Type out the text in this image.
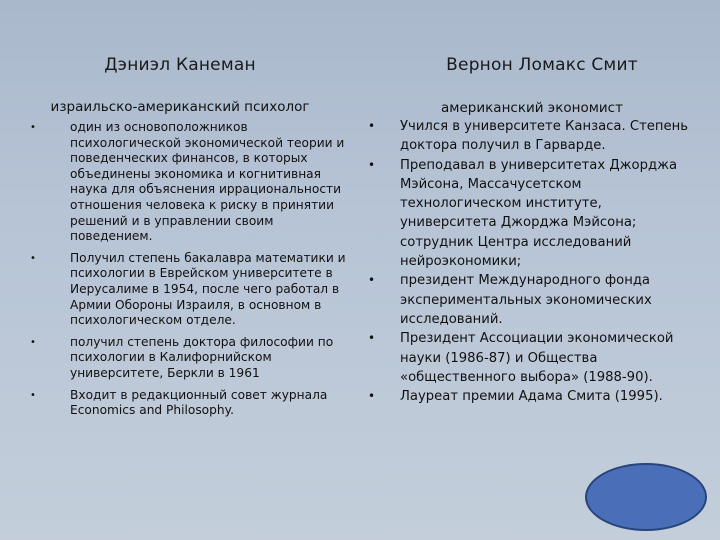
Дэниэл Канеман
израильско-американский психолог
•	один из основоположников психологической экономической теории и поведенческих финансов, в которых объединены экономика и когнитивная наука для объяснения иррациональности отношения человека к риску в принятии решений и в управлении своим поведением.
•	Получил степень бакалавра математики и психологии в Еврейском университете в Иерусалиме в 1954, после чего работал в Армии Обороны Израиля, в основном в психологическом отделе.
•	получил степень доктора философии по психологии в Калифорнийском университете, Беркли в 1961
•	Входит в редакционный совет журнала Economics and Philosophy.
Вернон Ломакс Смит
американский экономист
• Учился в университете Канзаса. Степень доктора получил в Гарварде.
• Преподавал в университетах Джорджа Мэйсона, Массачусетском технологическом институте, университета Джорджа Мэйсона; сотрудник Центра исследований нейроэкономики;
• президент Международного фонда экспериментальных экономических исследований.
• Президент Ассоциации экономической науки (1986-87) и Общества «общественного выбора» (1988-90).
• Лауреат премии Адама Смита (1995).
